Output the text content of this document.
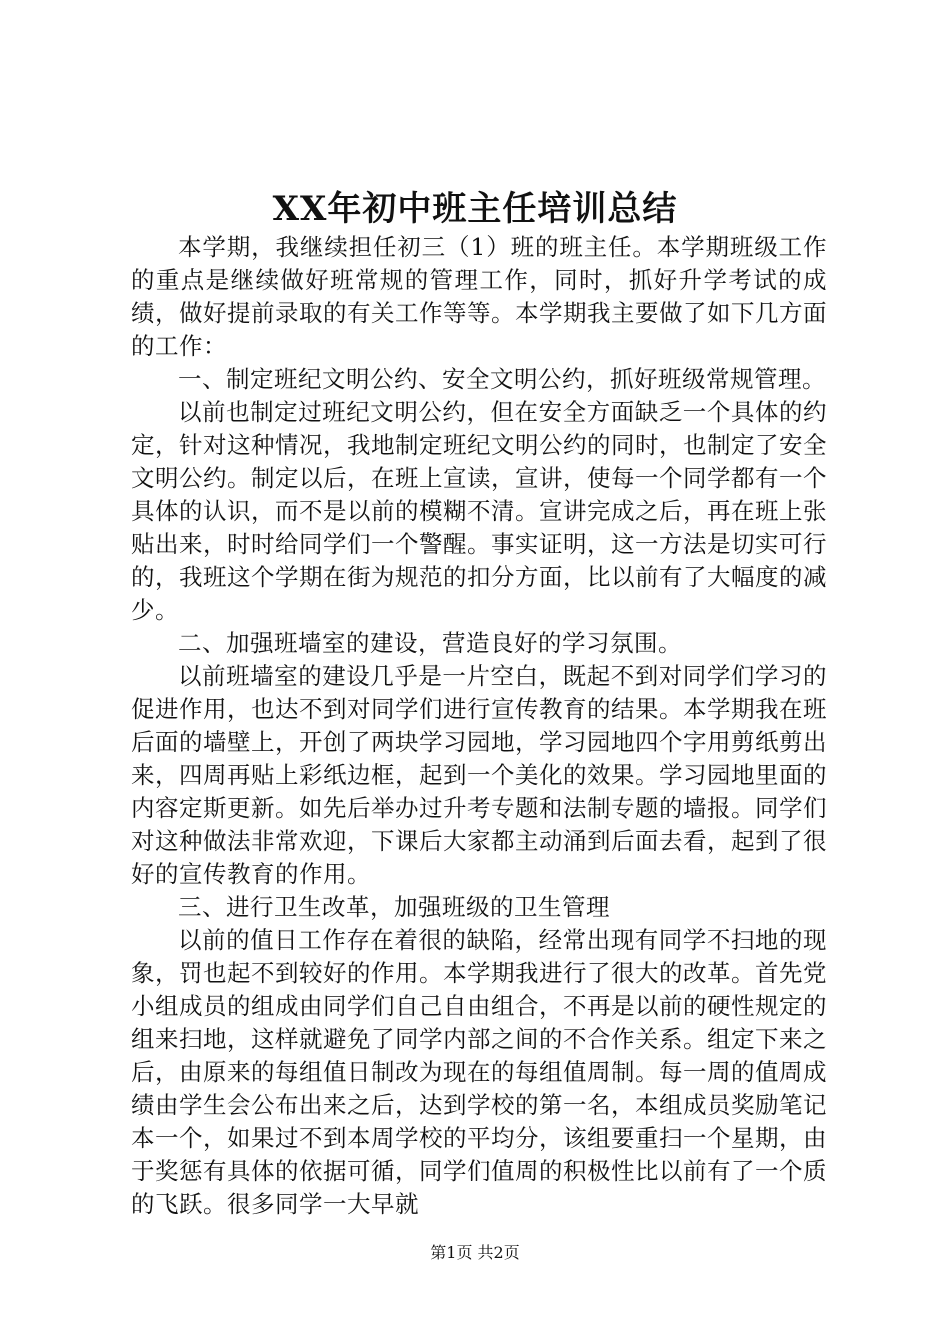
XX年初中班主任培训总结

本学期，我继续担任初三（1）班的班主任。本学期班级工作的重点是继续做好班常规的管理工作，同时，抓好升学考试的成绩，做好提前录取的有关工作等等。本学期我主要做了如下几方面的工作：

一、制定班纪文明公约、安全文明公约，抓好班级常规管理。

以前也制定过班纪文明公约，但在安全方面缺乏一个具体的约定，针对这种情况，我地制定班纪文明公约的同时，也制定了安全文明公约。制定以后，在班上宣读，宣讲，使每一个同学都有一个具体的认识，而不是以前的模糊不清。宣讲完成之后，再在班上张贴出来，时时给同学们一个警醒。事实证明，这一方法是切实可行的，我班这个学期在街为规范的扣分方面，比以前有了大幅度的减少。

二、加强班墙室的建设，营造良好的学习氛围。

以前班墙室的建设几乎是一片空白，既起不到对同学们学习的促进作用，也达不到对同学们进行宣传教育的结果。本学期我在班后面的墙壁上，开创了两块学习园地，学习园地四个字用剪纸剪出来，四周再贴上彩纸边框，起到一个美化的效果。学习园地里面的内容定斯更新。如先后举办过升考专题和法制专题的墙报。同学们对这种做法非常欢迎，下课后大家都主动涌到后面去看，起到了很好的宣传教育的作用。

三、进行卫生改革，加强班级的卫生管理

以前的值日工作存在着很的缺陷，经常出现有同学不扫地的现象，罚也起不到较好的作用。本学期我进行了很大的改革。首先党小组成员的组成由同学们自己自由组合，不再是以前的硬性规定的组来扫地，这样就避免了同学内部之间的不合作关系。组定下来之后，由原来的每组值日制改为现在的每组值周制。每一周的值周成绩由学生会公布出来之后，达到学校的第一名，本组成员奖励笔记本一个，如果过不到本周学校的平均分，该组要重扫一个星期，由于奖惩有具体的依据可循，同学们值周的积极性比以前有了一个质的飞跃。很多同学一大早就

第1页 共2页
